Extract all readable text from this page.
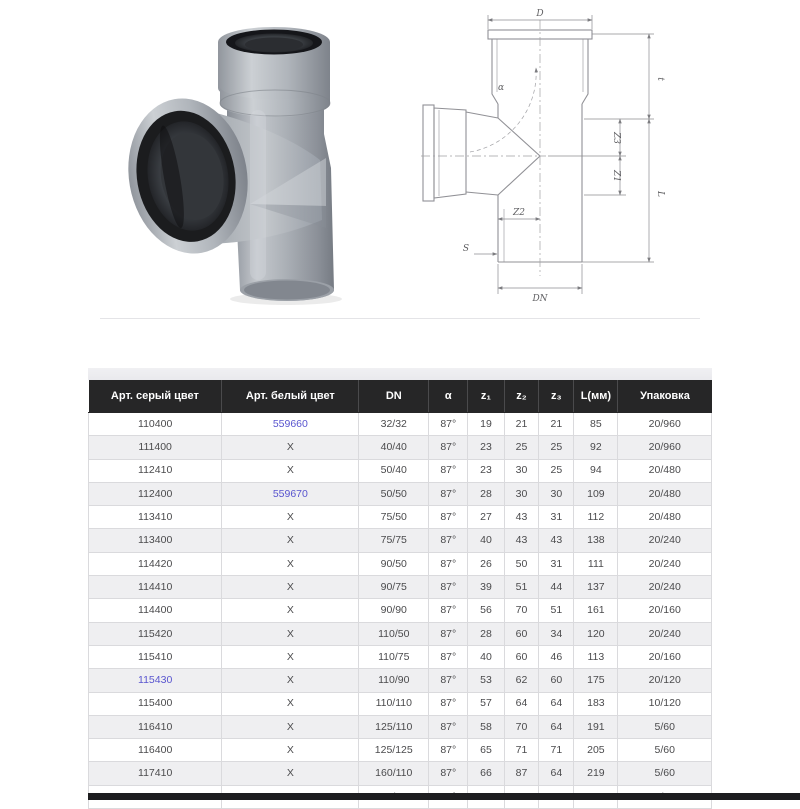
α
D
t
L
Z3
Z1
Z2
S
DN
Арт. серый цвет	Арт. белый цвет	DN	α	z₁	z₂	z₃	L(мм)	Упаковка
110400	559660	32/32	87°	19	21	21	85	20/960
111400	X	40/40	87°	23	25	25	92	20/960
112410	X	50/40	87°	23	30	25	94	20/480
112400	559670	50/50	87°	28	30	30	109	20/480
113410	X	75/50	87°	27	43	31	112	20/480
113400	X	75/75	87°	40	43	43	138	20/240
114420	X	90/50	87°	26	50	31	111	20/240
114410	X	90/75	87°	39	51	44	137	20/240
114400	X	90/90	87°	56	70	51	161	20/160
115420	X	110/50	87°	28	60	34	120	20/240
115410	X	110/75	87°	40	60	46	113	20/160
115430	X	110/90	87°	53	62	60	175	20/120
115400	X	110/110	87°	57	64	64	183	10/120
116410	X	125/110	87°	58	70	64	191	5/60
116400	X	125/125	87°	65	71	71	205	5/60
117410	X	160/110	87°	66	87	64	219	5/60
